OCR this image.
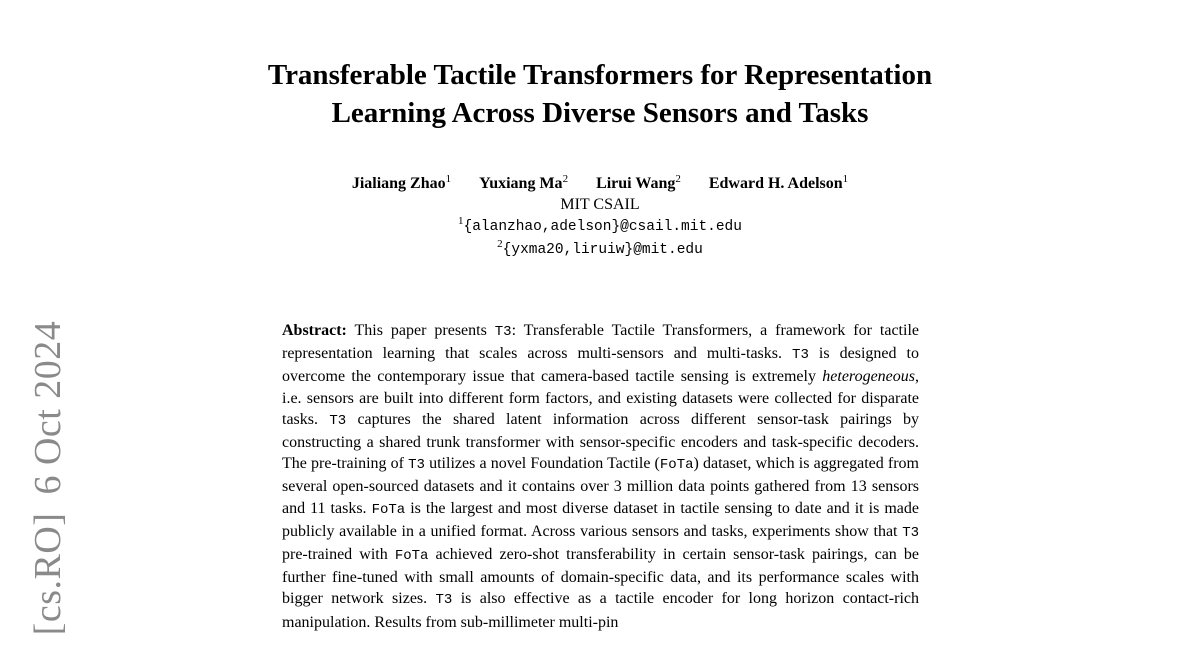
[cs.RO]6 Oct 2024
Transferable Tactile Transformers for Representation
Learning Across Diverse Sensors and Tasks
Jialiang Zhao$^1$ Yuxiang Ma$^2$ Lirui Wang$^2$ Edward H. Adelson$^1$
MIT CSAIL
$^1${alanzhao,adelson}@csail.mit.edu
$^2${yxma20,liruiw}@mit.edu
Abstract: This paper presents T3: Transferable Tactile Transformers, a framework for tactile representation learning that scales across multi-sensors and multi-tasks. T3 is designed to overcome the contemporary issue that camera-based tactile sensing is extremely heterogeneous, i.e. sensors are built into different form factors, and existing datasets were collected for disparate tasks. T3 captures the shared latent information across different sensor-task pairings by constructing a shared trunk transformer with sensor-specific encoders and task-specific decoders. The pre-training of T3 utilizes a novel Foundation Tactile (FoTa) dataset, which is aggregated from several open-sourced datasets and it contains over 3 million data points gathered from 13 sensors and 11 tasks. FoTa is the largest and most diverse dataset in tactile sensing to date and it is made publicly available in a unified format. Across various sensors and tasks, experiments show that T3 pre-trained with FoTa achieved zero-shot transferability in certain sensor-task pairings, can be further fine-tuned with small amounts of domain-specific data, and its performance scales with bigger network sizes. T3 is also effective as a tactile encoder for long horizon contact-rich manipulation. Results from sub-millimeter multi-pin
